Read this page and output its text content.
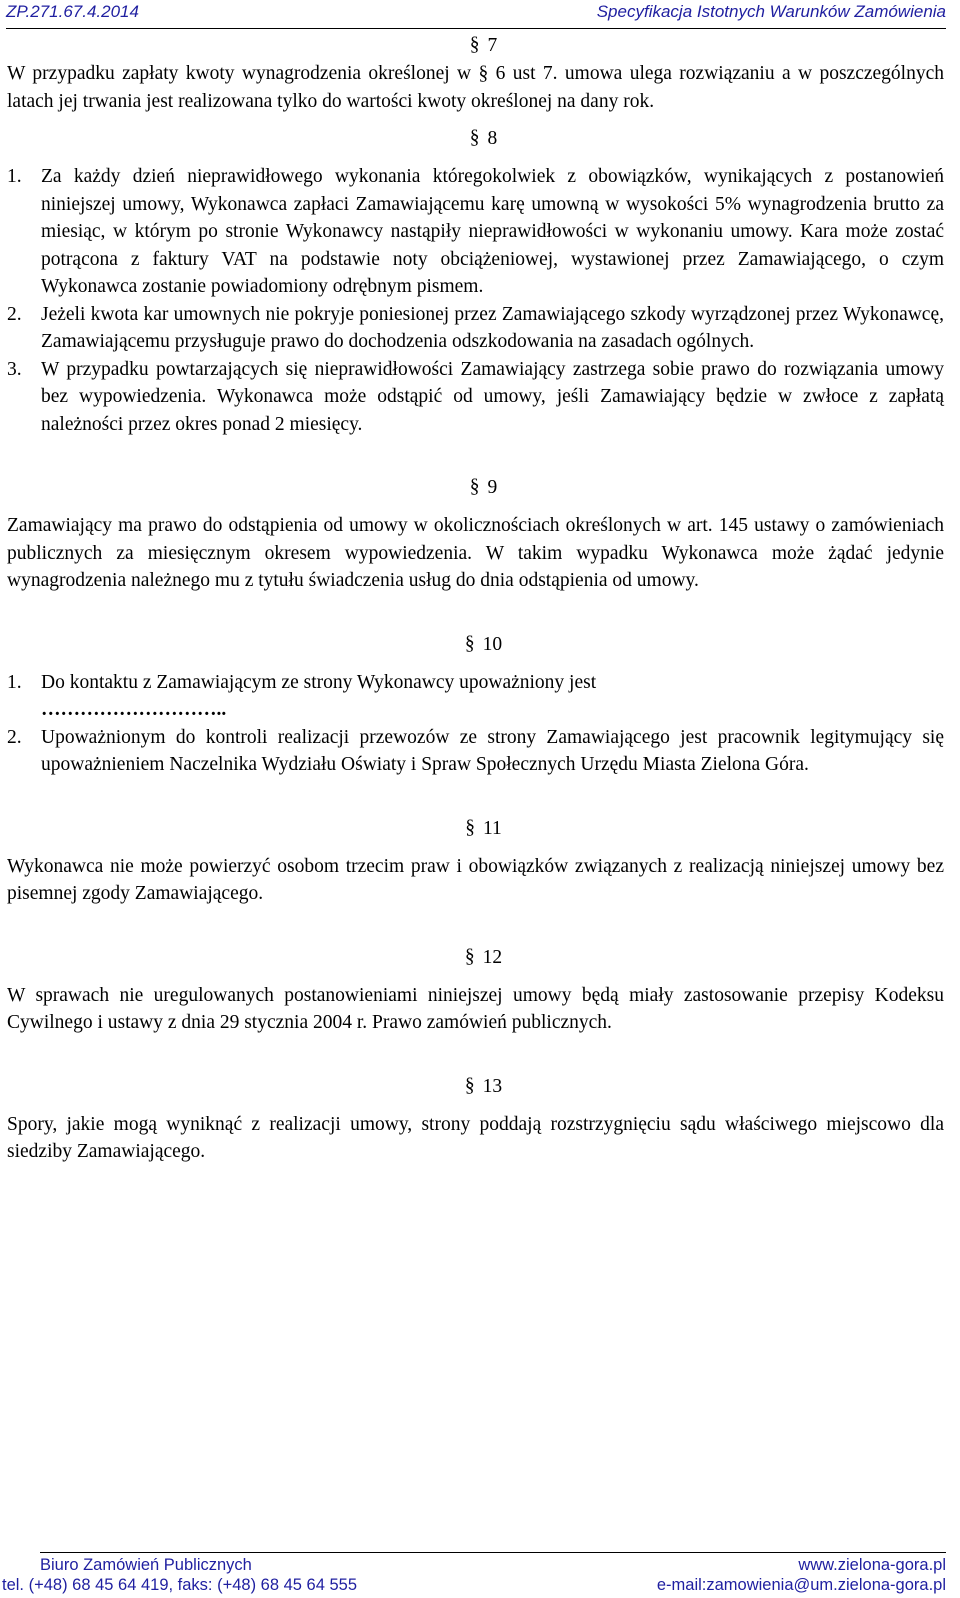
ZP.271.67.4.2014	Specyfikacja Istotnych Warunków Zamówienia
§ 7

W przypadku zapłaty kwoty wynagrodzenia określonej w § 6 ust 7. umowa ulega rozwiązaniu a w poszczególnych latach jej trwania jest realizowana tylko do wartości kwoty określonej na dany rok.

§ 8
1. Za każdy dzień nieprawidłowego wykonania któregokolwiek z obowiązków, wynikających z postanowień niniejszej umowy, Wykonawca zapłaci Zamawiającemu karę umowną w wysokości 5% wynagrodzenia brutto za miesiąc, w którym po stronie Wykonawcy nastąpiły nieprawidłowości w wykonaniu umowy. Kara może zostać potrącona z faktury VAT na podstawie noty obciążeniowej, wystawionej przez Zamawiającego, o czym Wykonawca zostanie powiadomiony odrębnym pismem.
2. Jeżeli kwota kar umownych nie pokryje poniesionej przez Zamawiającego szkody wyrządzonej przez Wykonawcę, Zamawiającemu przysługuje prawo do dochodzenia odszkodowania na zasadach ogólnych.
3. W przypadku powtarzających się nieprawidłowości Zamawiający zastrzega sobie prawo do rozwiązania umowy bez wypowiedzenia. Wykonawca może odstąpić od umowy, jeśli Zamawiający będzie w zwłoce z zapłatą należności przez okres ponad 2 miesięcy.
§ 9

Zamawiający ma prawo do odstąpienia od umowy w okolicznościach określonych w art. 145 ustawy o zamówieniach publicznych za miesięcznym okresem wypowiedzenia. W takim wypadku Wykonawca może żądać jedynie wynagrodzenia należnego mu z tytułu świadczenia usług do dnia odstąpienia od umowy.

§ 10
1. Do kontaktu z Zamawiającym ze strony Wykonawcy upoważniony jest
………………………..
2. Upoważnionym do kontroli realizacji przewozów ze strony Zamawiającego jest pracownik legitymujący się upoważnieniem Naczelnika Wydziału Oświaty i Spraw Społecznych Urzędu Miasta Zielona Góra.
§ 11

Wykonawca nie może powierzyć osobom trzecim praw i obowiązków związanych z realizacją niniejszej umowy bez pisemnej zgody Zamawiającego.

§ 12

W sprawach nie uregulowanych postanowieniami niniejszej umowy będą miały zastosowanie przepisy Kodeksu Cywilnego i ustawy z dnia 29 stycznia 2004 r. Prawo zamówień publicznych.

§ 13

Spory, jakie mogą wyniknąć z realizacji umowy, strony poddają rozstrzygnięciu sądu właściwego miejscowo dla siedziby Zamawiającego.

Biuro Zamówień Publicznych	www.zielona-gora.pl
tel. (+48) 68 45 64 419, faks: (+48) 68 45 64 555	e-mail:zamowienia@um.zielona-gora.pl
